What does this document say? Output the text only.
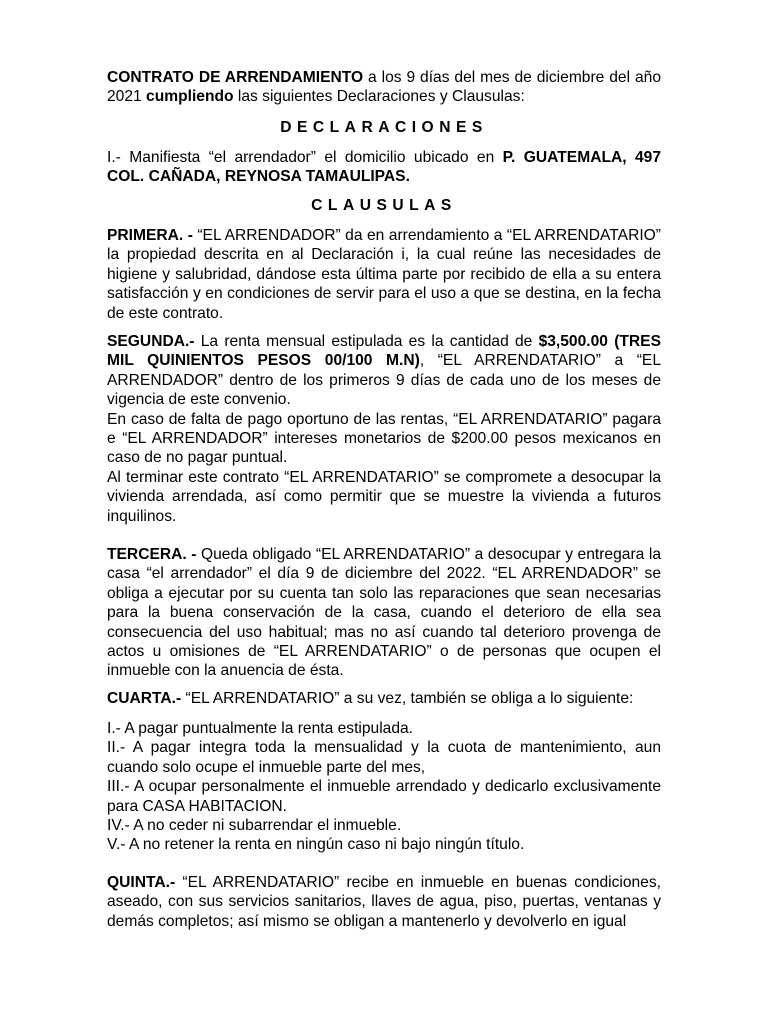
CONTRATO DE ARRENDAMIENTO a los 9 días del mes de diciembre del año 2021 cumpliendo las siguientes Declaraciones y Clausulas:

DECLARACIONES

I.- Manifiesta “el arrendador” el domicilio ubicado en P. GUATEMALA, 497 COL. CAÑADA, REYNOSA TAMAULIPAS.

CLAUSULAS

PRIMERA. - “EL ARRENDADOR” da en arrendamiento a “EL ARRENDATARIO” la propiedad descrita en al Declaración i, la cual reúne las necesidades de higiene y salubridad, dándose esta última parte por recibido de ella a su entera satisfacción y en condiciones de servir para el uso a que se destina, en la fecha de este contrato.

SEGUNDA.- La renta mensual estipulada es la cantidad de $3,500.00 (TRES MIL QUINIENTOS PESOS 00/100 M.N), “EL ARRENDATARIO” a “EL ARRENDADOR” dentro de los primeros 9 días de cada uno de los meses de vigencia de este convenio.
En caso de falta de pago oportuno de las rentas, “EL ARRENDATARIO” pagara e “EL ARRENDADOR” intereses monetarios de $200.00 pesos mexicanos en caso de no pagar puntual.
Al terminar este contrato “EL ARRENDATARIO” se compromete a desocupar la vivienda arrendada, así como permitir que se muestre la vivienda a futuros inquilinos.

TERCERA. - Queda obligado “EL ARRENDATARIO” a desocupar y entregara la casa “el arrendador” el día 9 de diciembre del 2022. “EL ARRENDADOR” se obliga a ejecutar por su cuenta tan solo las reparaciones que sean necesarias para la buena conservación de la casa, cuando el deterioro de ella sea consecuencia del uso habitual; mas no así cuando tal deterioro provenga de actos u omisiones de “EL ARRENDATARIO” o de personas que ocupen el inmueble con la anuencia de ésta.

CUARTA.- “EL ARRENDATARIO” a su vez, también se obliga a lo siguiente:

I.- A pagar puntualmente la renta estipulada.
II.- A pagar integra toda la mensualidad y la cuota de mantenimiento, aun cuando solo ocupe el inmueble parte del mes,
III.- A ocupar personalmente el inmueble arrendado y dedicarlo exclusivamente para CASA HABITACION.
IV.- A no ceder ni subarrendar el inmueble.
V.- A no retener la renta en ningún caso ni bajo ningún título.

QUINTA.- “EL ARRENDATARIO” recibe en inmueble en buenas condiciones, aseado, con sus servicios sanitarios, llaves de agua, piso, puertas, ventanas y demás completos; así mismo se obligan a mantenerlo y devolverlo en igual
